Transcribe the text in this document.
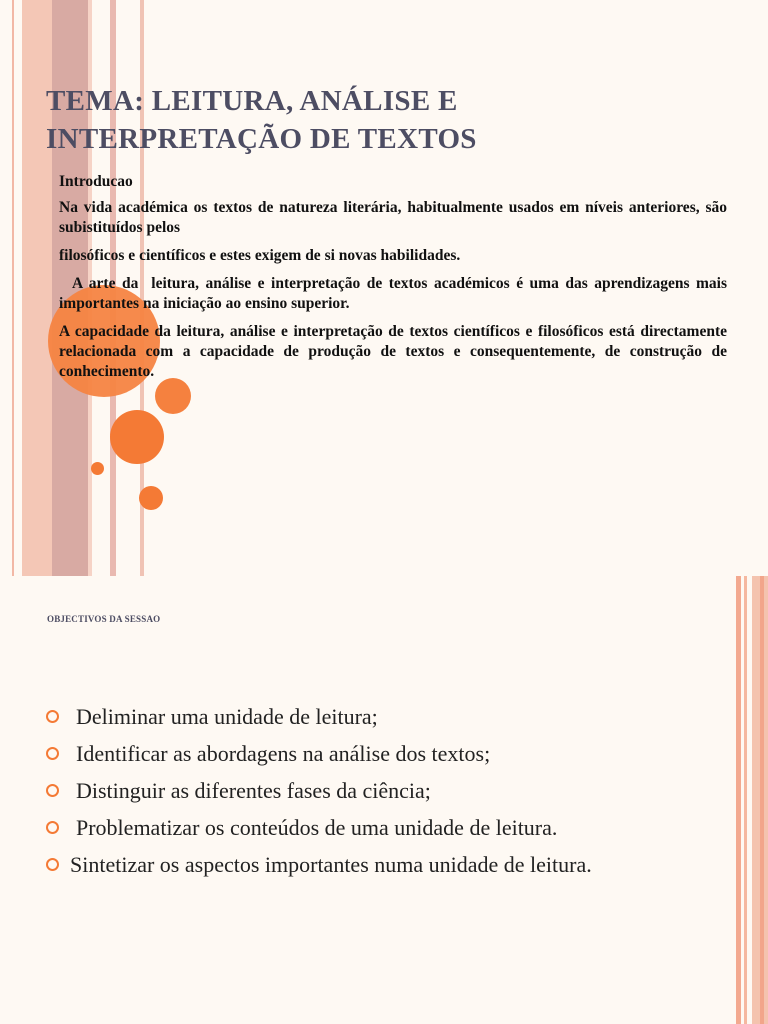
TEMA: LEITURA, ANÁLISE E INTERPRETAÇÃO DE TEXTOS

Introducao

Na vida académica os textos de natureza literária, habitualmente usados em níveis anteriores, são subistituídos pelos

filosóficos e científicos e estes exigem de si novas habilidades.

A arte da  leitura, análise e interpretação de textos académicos é uma das aprendizagens mais importantes na iniciação ao ensino superior.

A capacidade da leitura, análise e interpretação de textos científicos e filosóficos está directamente relacionada com a capacidade de produção de textos e consequentemente, de construção de conhecimento.

OBJECTIVOS DA SESSAO
Deliminar uma unidade de leitura;
Identificar as abordagens na análise dos textos;
Distinguir as diferentes fases da ciência;
Problematizar os conteúdos de uma unidade de leitura.
Sintetizar os aspectos importantes numa unidade de leitura.
